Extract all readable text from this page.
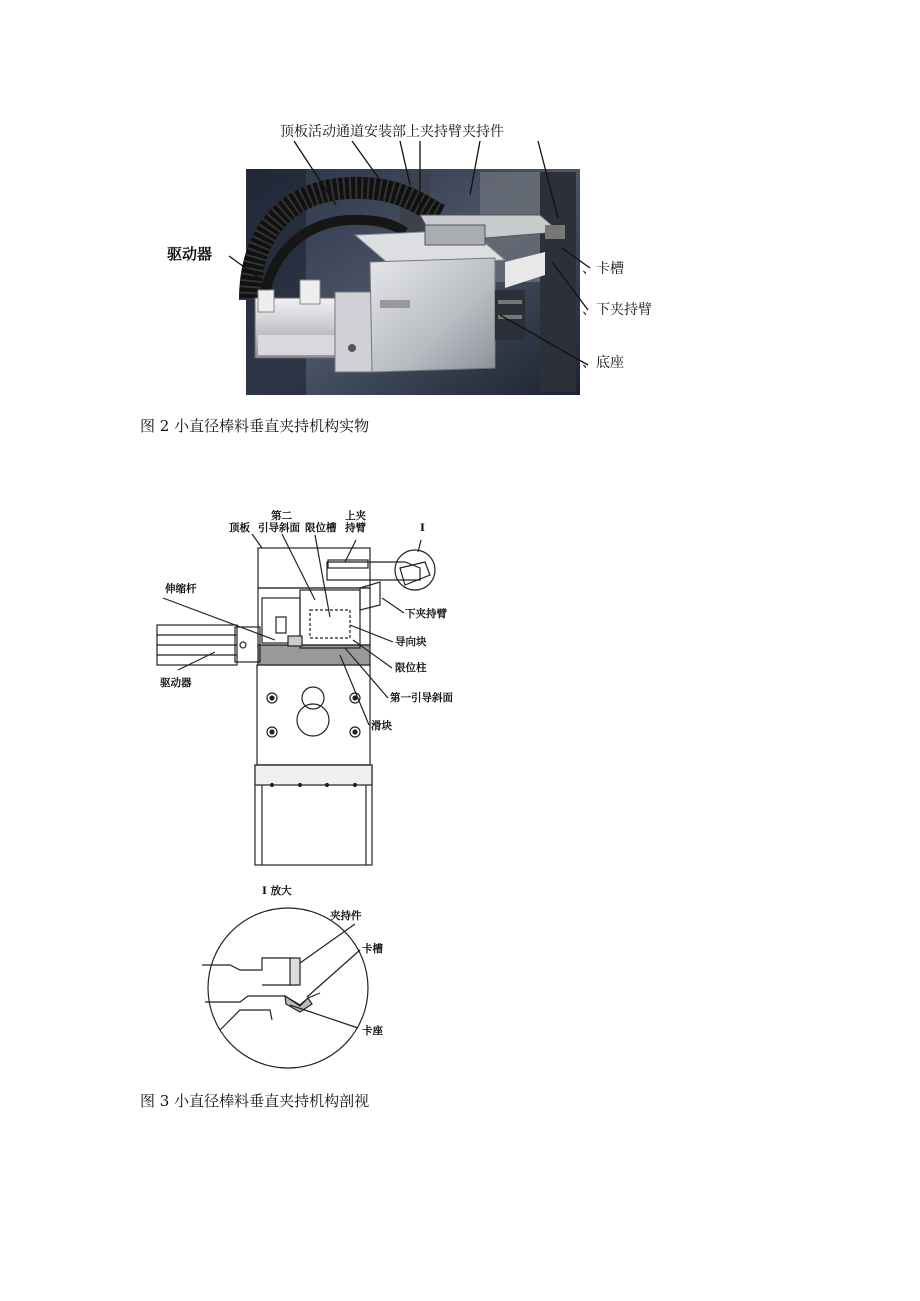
顶板活动通道安装部上夹持臂夹持件
驱动器
、卡槽
、下夹持臂
、底座
图 2 小直径棒料垂直夹持机构实物
第二
顶板 引导斜面 限位槽
上夹
持臂	I
伸缩杆
下夹持臂
导向块
限位柱
第一引导斜面
驱动器
滑块
I 放大
夹持件
卡槽
卡座
图 3 小直径棒料垂直夹持机构剖视
